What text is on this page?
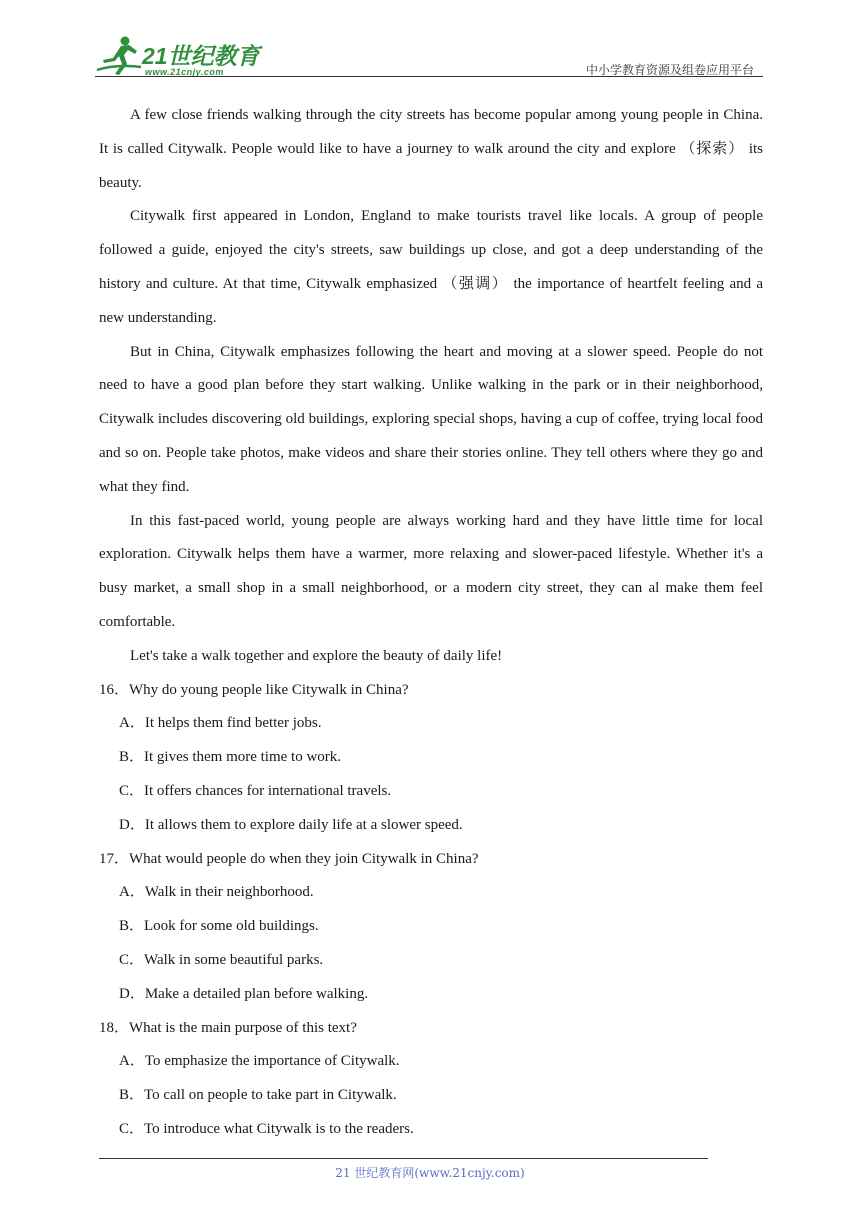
21世纪教育
www.21cnjy.com	中小学教育资源及组卷应用平台

A few close friends walking through the city streets has become popular among young people in China. It is called Citywalk. People would like to have a journey to walk around the city and explore （探索） its beauty.

Citywalk first appeared in London, England to make tourists travel like locals. A group of people followed a guide, enjoyed the city's streets, saw buildings up close, and got a deep understanding of the history and culture. At that time, Citywalk emphasized （强调） the importance of heartfelt feeling and a new understanding.

But in China, Citywalk emphasizes following the heart and moving at a slower speed. People do not need to have a good plan before they start walking. Unlike walking in the park or in their neighborhood, Citywalk includes discovering old buildings, exploring special shops, having a cup of coffee, trying local food and so on. People take photos, make videos and share their stories online. They tell others where they go and what they find.

In this fast-paced world, young people are always working hard and they have little time for local exploration. Citywalk helps them have a warmer, more relaxing and slower-paced lifestyle. Whether it's a busy market, a small shop in a small neighborhood, or a modern city street, they can al make them feel comfortable.

Let's take a walk together and explore the beauty of daily life!

16．Why do young people like Citywalk in China?

A．It helps them find better jobs.

B．It gives them more time to work.

C．It offers chances for international travels.

D．It allows them to explore daily life at a slower speed.

17．What would people do when they join Citywalk in China?

A．Walk in their neighborhood.

B．Look for some old buildings.

C．Walk in some beautiful parks.

D．Make a detailed plan before walking.

18．What is the main purpose of this text?

A．To emphasize the importance of Citywalk.

B．To call on people to take part in Citywalk.

C．To introduce what Citywalk is to the readers.

21 世纪教育网(www.21cnjy.com)
